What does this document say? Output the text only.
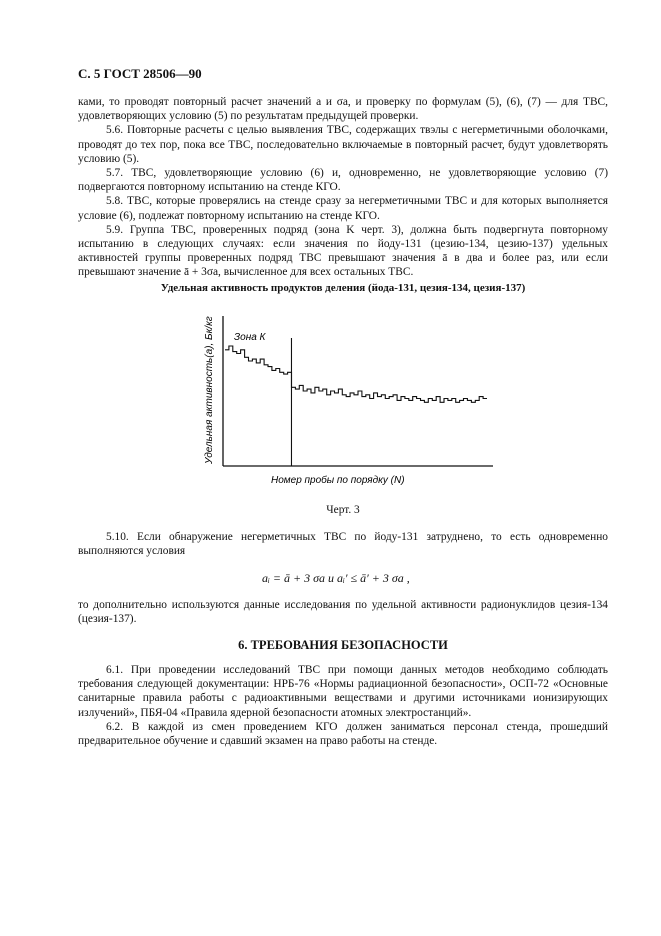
С. 5 ГОСТ 28506—90

ками, то проводят повторный расчет значений a и σa, и проверку по формулам (5), (6), (7) — для ТВС, удовлетворяющих условию (5) по результатам предыдущей проверки.

5.6. Повторные расчеты с целью выявления ТВС, содержащих твэлы с негерметичными оболочками, проводят до тех пор, пока все ТВС, последовательно включаемые в повторный расчет, будут удовлетворять условию (5).

5.7. ТВС, удовлетворяющие условию (6) и, одновременно, не удовлетворяющие условию (7) подвергаются повторному испытанию на стенде КГО.

5.8. ТВС, которые проверялись на стенде сразу за негерметичными ТВС и для которых выполняется условие (6), подлежат повторному испытанию на стенде КГО.

5.9. Группа ТВС, проверенных подряд (зона K черт. 3), должна быть подвергнута повторному испытанию в следующих случаях: если значения по йоду-131 (цезию-134, цезию-137) удельных активностей группы проверенных подряд ТВС превышают значения ā в два и более раз, или если превышают значение ā + 3σa, вычисленное для всех остальных ТВС.

Удельная активность продуктов деления (йода-131, цезия-134, цезия-137)
Зона К
Номер пробы по порядку (N)
Удельная активность(a), Бк/кг
Черт. 3

5.10. Если обнаружение негерметичных ТВС по йоду-131 затруднено, то есть одновременно выполняются условия

aᵢ = ā + 3 σa и aᵢ′ ≤ ā′ + 3 σa ,

то дополнительно используются данные исследования по удельной активности радионуклидов цезия-134 (цезия-137).

6. ТРЕБОВАНИЯ БЕЗОПАСНОСТИ

6.1. При проведении исследований ТВС при помощи данных методов необходимо соблюдать требования следующей документации: НРБ-76 «Нормы радиационной безопасности», ОСП-72 «Основные санитарные правила работы с радиоактивными веществами и другими источниками ионизирующих излучений», ПБЯ-04 «Правила ядерной безопасности атомных электростанций».

6.2. В каждой из смен проведением КГО должен заниматься персонал стенда, прошедший предварительное обучение и сдавший экзамен на право работы на стенде.
